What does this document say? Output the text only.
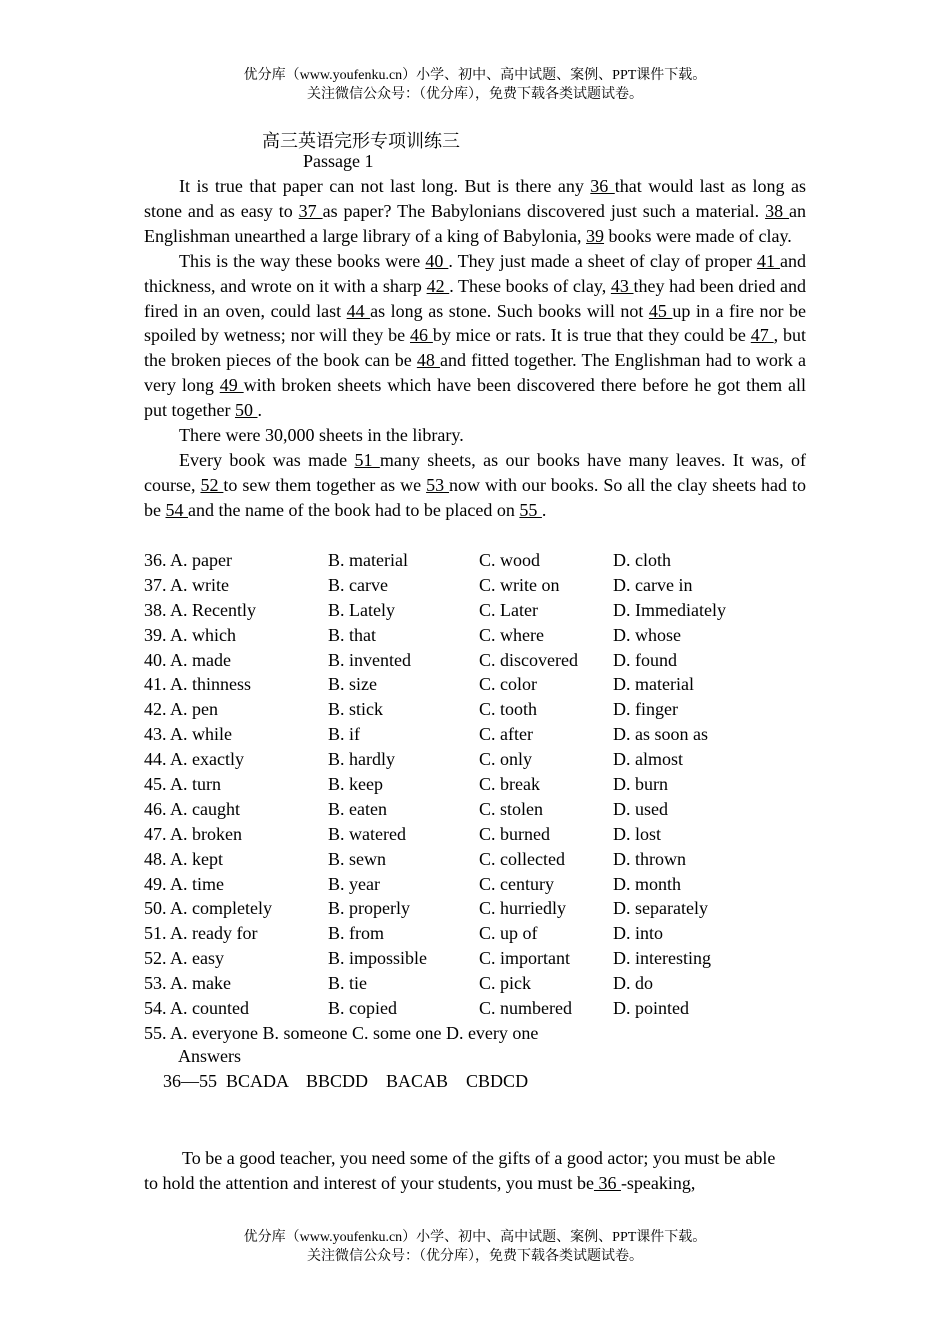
优分库（www.youfenku.cn）小学、初中、高中试题、案例、PPT课件下载。
关注微信公众号：（优分库），免费下载各类试题试卷。
高三英语完形专项训练三
Passage 1

It is true that paper can not last long. But is there any 36 that would last as long as stone and as easy to 37 as paper? The Babylonians discovered just such a material. 38 an Englishman unearthed a large library of a king of Babylonia, 39 books were made of clay.

This is the way these books were 40 . They just made a sheet of clay of proper 41 and thickness, and wrote on it with a sharp 42 . These books of clay, 43 they had been dried and fired in an oven, could last 44 as long as stone. Such books will not 45 up in a fire nor be spoiled by wetness; nor will they be 46 by mice or rats. It is true that they could be 47 , but the broken pieces of the book can be 48 and fitted together. The Englishman had to work a very long 49 with broken sheets which have been discovered there before he got them all put together 50 .

There were 30,000 sheets in the library.

Every book was made 51 many sheets, as our books have many leaves. It was, of course, 52 to sew them together as we 53 now with our books. So all the clay sheets had to be 54 and the name of the book had to be placed on 55 .

36. A. paper	B. material	C. wood	D. cloth
37. A. write	B. carve	C. write on	D. carve in
38. A. Recently	B. Lately	C. Later	D. Immediately
39. A. which	B. that	C. where	D. whose
40. A. made	B. invented	C. discovered D. found
41. A. thinness	B. size	C. color	D. material
42. A. pen	B. stick	C. tooth	D. finger
43. A. while	B. if	C. after	D. as soon as
44. A. exactly	B. hardly	C. only	D. almost
45. A. turn	B. keep	C. break	D. burn
46. A. caught	B. eaten	C. stolen	D. used
47. A. broken	B. watered	C. burned	D. lost
48. A. kept	B. sewn	C. collected	D. thrown
49. A. time	B. year	C. century	D. month
50. A. completely	B. properly	C. hurriedly	D. separately
51. A. ready for	B. from	C. up of	D. into
52. A. easy	B. impossible	C. important D. interesting
53. A. make	B. tie	C. pick	D. do
54. A. counted	B. copied	C. numbered D. pointed
55. A. everyone B. someone C. some one D. every one
Answers
36—55  BCADA    BBCDD    BACAB    CBDCD

To be a good teacher, you need some of the gifts of a good actor; you must be able to hold the attention and interest of your students, you must be 36 -speaking,

优分库（www.youfenku.cn）小学、初中、高中试题、案例、PPT课件下载。
关注微信公众号：（优分库），免费下载各类试题试卷。
